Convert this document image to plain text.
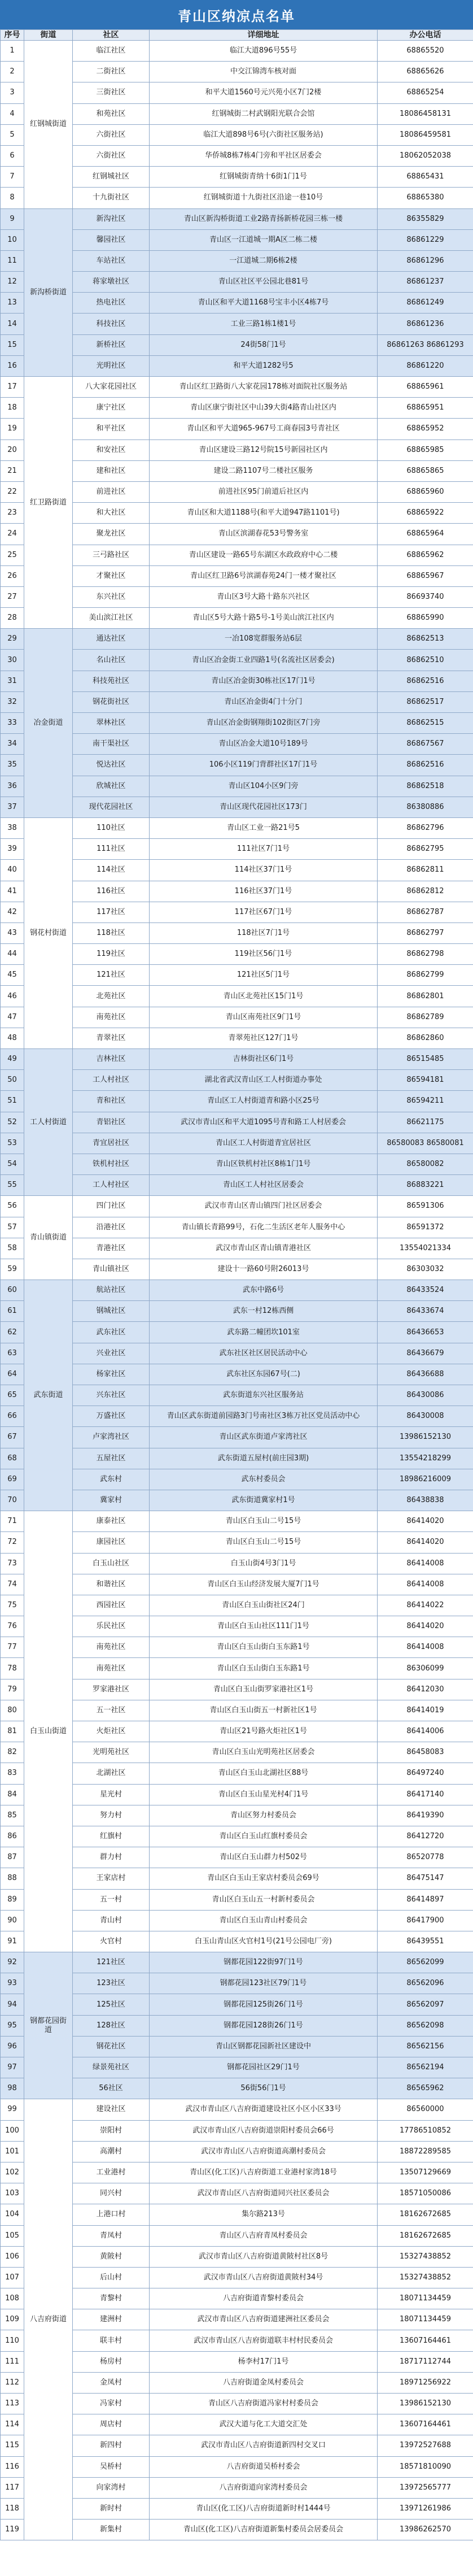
青山区纳凉点名单
序号	街道	社区	详细地址	办公电话
1	红钢城街道	临江社区	临江大道896号55号	68865520
2		二街社区	中交江锦湾车核对面	68865626
3		三街社区	和平大道1560号元兴苑小区7门2楼	68865254
4		和苑社区	红钢城街二村武钢阳光联合会馆	18086458131
5		六街社区	临江大道898号6号(六街社区服务站)	18086459581
6		六街社区	华侨城8栋7栋4门旁和平社区居委会	18062052038
7		红钢城社区	红钢城街青纳十6街1门1号	68865431
8		十九街社区	红钢城街道十九街社区沿途一巷10号	68865380
9	新沟桥街道	新沟社区	青山区新沟桥街道工业2路青扬新桥花园三栋一楼	86355829
10		馨园社区	青山区一江道城一期A区二栋二楼	86861229
11		车站社区	一江道城二期6栋2楼	86861296
12		蒋家墩社区	青山区社区平公园北巷81号	86861237
13		热电社区	青山区和平大道1168号宝丰小区4栋7号	86861249
14		科技社区	工业三路1栋1楼1号	86861236
15		新桥社区	24街58门1号	86861263 86861293
16		光明社区	和平大道1282号5	86861220
17	红卫路街道	八大家花园社区	青山区红卫路街八大家花园178栋对面院社区服务站	68865961
18		康宁社区	青山区康宁街社区中山39大街4路青山社区内	68865951
19		和平社区	青山区和平大道965-967号工商春园3号青社区	68865952
20		和安社区	青山区建设三路12号院15号新园社区内	68865985
21		建和社区	建设二路1107号二楼社区服务	68865865
22		前进社区	前进社区95门前道后社区内	68865960
23		和大社区	青山区和大道1188号(和平大道947路1101号)	68865922
24		聚龙社区	青山区滨湖春花53号警务室	68865964
25		三弓路社区	青山区建设一路65号东湖区水政政府中心二楼	68865962
26		才聚社区	青山区红卫路6号滨湖春苑24门一楼才聚社区	68865967
27		东兴社区	青山区3号大路十路东兴社区	86693740
28		美山滨江社区	青山区5号大路十路5号-1号美山滨江社区内	68865990
29	冶金街道	通达社区	一冶108宽群服务站6层	86862513
30		名山社区	青山区冶金街工业四路1号(名流社区居委会)	86862510
31		科技苑社区	青山区冶金街30栋社区17门1号	86862516
32		钢花街社区	青山区冶金街4门十分门	86862517
33		翠林社区	青山区冶金街钢翔街102街区7门旁	86862515
34		南干渠社区	青山区冶金大道10号189号	86867567
35		悦达社区	106小区119门背群社区17门1号	86862516
36		欣城社区	青山区104小区9门旁	86862518
37		现代花园社区	青山区现代花园社区173门	86380886
38	钢花村街道	110社区	青山区工业一路21号5	86862796
39		111社区	111社区7门1号	86862795
40		114社区	114社区37门1号	86862811
41		116社区	116社区37门1号	86862812
42		117社区	117社区67门1号	86862787
43		118社区	118社区7门1号	86862797
44		119社区	119社区56门1号	86862798
45		121社区	121社区5门1号	86862799
46		北苑社区	青山区北苑社区15门1号	86862801
47		南苑社区	青山区南苑社区9门1号	86862789
48		青翠社区	青翠苑社区127门1号	86862860
49	工人村街道	吉林社区	吉林街社区6门1号	86515485
50		工人村社区	湖北省武汉青山区工人村街道办事处	86594181
51		青和社区	青山区工人村街道青和路小区25号	86594211
52		青铝社区	武汉市青山区和平大道1095号青和路工人村居委会	86621175
53		青宜居社区	青山区工人村街道青宜居社区	86580083 86580081
54		铁机村社区	青山区铁机村社区8栋1门1号	86580082
55		工人村社区	青山区工人村社区居委会	86883221
56	青山镇街道	四门社区	武汉市青山区青山镇四门社区居委会	86591306
57		沿港社区	青山镇长青路99号，石化二生活区老年人服务中心	86591372
58		青港社区	武汉市青山区青山镇青港社区	13554021334
59		青山镇社区	建设十一路60号附26013号	86303032
60	武东街道	航站社区	武东中路6号	86433524
61		钢城社区	武东一村12栋西侧	86433674
62		武东社区	武东路二幢团坎101室	86436653
63		兴业社区	武东社区社区居民活动中心	86436679
64		杨家社区	武东社区东园67号(二)	86436688
65		兴东社区	武东街道东兴社区服务站	86430086
66		万盛社区	青山区武东街道前园路3门号南社区3栋万社区党员活动中心	86430008
67		卢家湾社区	青山区武东街道卢家湾社区	13986152130
68		五屋社区	武东街道五屋村(前庄园3期)	13554218299
69		武东村	武东村委员会	18986216009
70		冀家村	武东街道冀家村1号	86438838
71	白玉山街道	康泰社区	青山区白玉山二号15号	86414020
72		康园社区	青山区白玉山二号15号	86414020
73		白玉山社区	白玉山街4号3门1号	86414008
74		和谐社区	青山区白玉山经济发展大厦7门1号	86414008
75		西园社区	青山区白玉山街社区24门	86414022
76		乐民社区	青山区白玉山社区111门1号	86414020
77		南苑社区	青山区白玉山街白玉东路1号	86414008
78		南苑社区	青山区白玉山街白玉东路1号	86306099
79		罗家港社区	青山区白玉山街罗家港社区1号	86412030
80		五一社区	青山区白玉山街五一村新社区1号	86414019
81		火炬社区	青山区21号路火炬社区1号	86414006
82		光明苑社区	青山区白玉山光明苑社区居委会	86458083
83		北湖社区	青山区白玉山北湖社区88号	86497240
84		星光村	青山区白玉山星光村4门1号	86417140
85		努力村	青山区努力村委员会	86419390
86		红旗村	青山区白玉山红旗村委员会	86412720
87		群力村	青山区白玉山群力村502号	86520778
88		王家店村	青山区白玉山王家店村委员会69号	86475147
89		五一村	青山区白玉山五一村新村委员会	86414897
90		青山村	青山区白玉山青山村委员会	86417900
91		火官村	白玉山青山区火官村1号(21号公园电厂旁)	86439551
92	钢都花园街道	121社区	钢都花园122街97门1号	86562099
93		123社区	钢都花园123社区79门1号	86562096
94		125社区	钢都花园125街26门1号	86562097
95		128社区	钢都花园128街26门1号	86562098
96		钢花社区	青山区钢都花园新社区建设中	86562156
97		绿景苑社区	钢都花园社区29门1号	86562194
98		56社区	56街56门1号	86565962
99	八吉府街道	建设社区	武汉市青山区八吉府街道建设社区小区小区33号	86560000
100		崇阳村	武汉市青山区八吉府街道崇阳村委员会66号	17786510852
101		高潮村	武汉市青山区八吉府街道高潮村委员会	18872289585
102		工业港村	青山区(化工区)八吉府街道工业港村家湾18号	13507129669
103		同兴村	武汉市青山区八吉府街道同兴社区委员会	18571050086
104		上港口村	集尔路213号	18162672685
105		青凤村	青山区八吉府青凤村委员会	18162672685
106		黄陂村	武汉市青山区八吉府街道黄陂村社区8号	15327438852
107		后山村	武汉市青山区八吉府街道黄陂村34号	15327438852
108		青黎村	八吉府街道青黎村委员会	18071134459
109		建洲村	武汉市青山区八吉府街道建洲社区委员会	18071134459
110		联丰村	武汉市青山区八吉府街道联丰村村民委员会	13607164461
111		杨房村	杨李村17门1号	18717112744
112		金凤村	八吉府街道金凤村委员会	18971256922
113		冯家村	青山区八吉府街道冯家村村委员会	13986152130
114		周店村	武汉大道与化工大道交汇处	13607164461
115		新四村	武汉市青山区八吉府街道新四村交叉口	13972527688
116		吴桥村	八吉府街道吴桥村委会	18571810090
117		向家湾村	八吉府街道向家湾村委员会	13972565777
118		新时村	青山区(化工区)八吉府街道新时村1444号	13971261986
119		新集村	青山区(化工区)八吉府街道新集村委员会居委员会	13986262570
